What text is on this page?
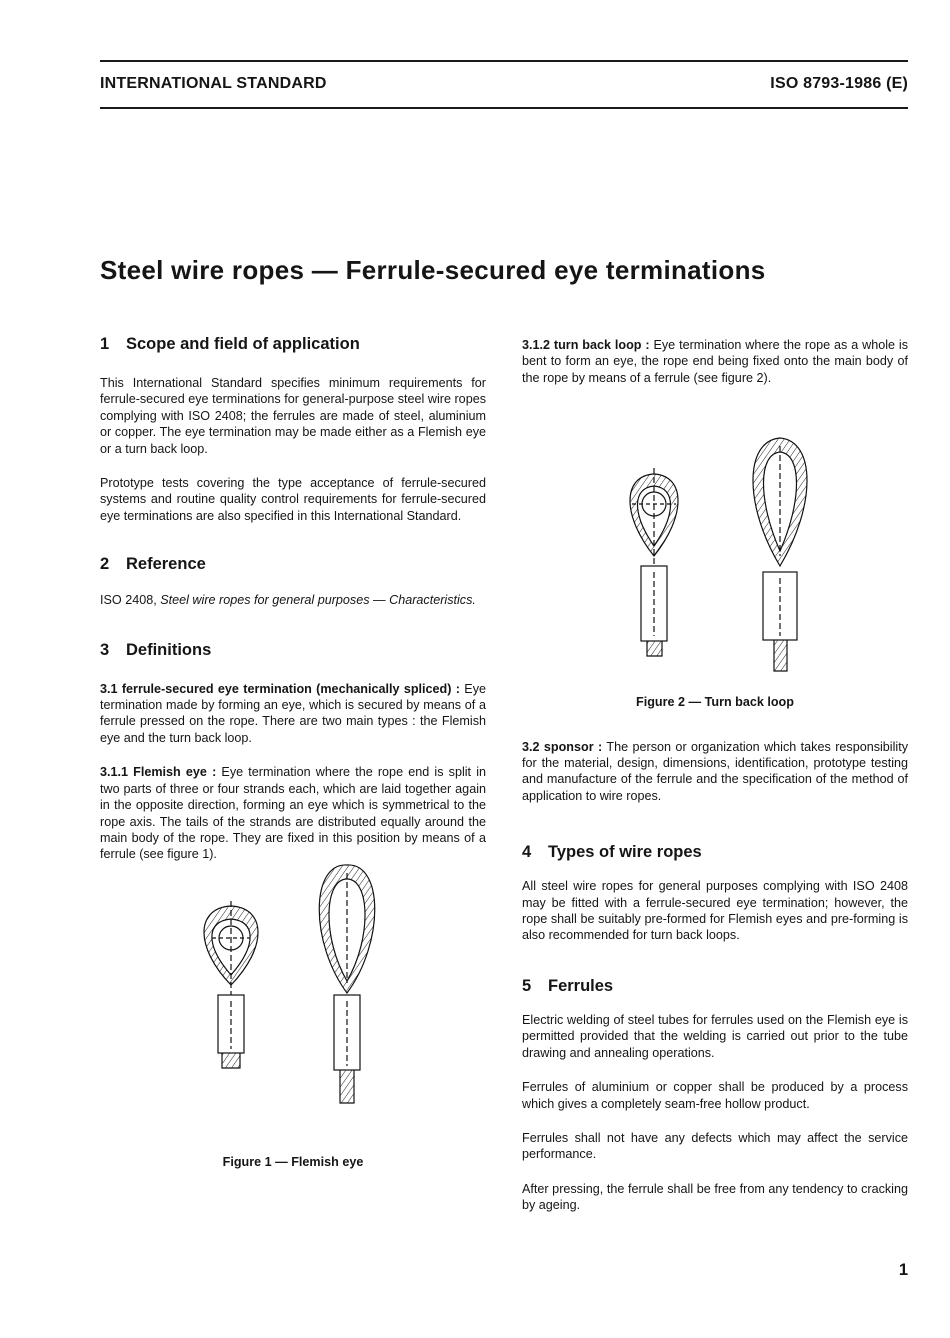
INTERNATIONAL STANDARD	ISO 8793-1986 (E)
Steel wire ropes — Ferrule-secured eye terminations
1 Scope and field of application

This International Standard specifies minimum requirements for ferrule-secured eye terminations for general-purpose steel wire ropes complying with ISO 2408; the ferrules are made of steel, aluminium or copper. The eye termination may be made either as a Flemish eye or a turn back loop.

Prototype tests covering the type acceptance of ferrule-secured systems and routine quality control requirements for ferrule-secured eye terminations are also specified in this International Standard.

2 Reference

ISO 2408, Steel wire ropes for general purposes — Characteristics.

3 Definitions

3.1 ferrule-secured eye termination (mechanically spliced) : Eye termination made by forming an eye, which is secured by means of a ferrule pressed on the rope. There are two main types : the Flemish eye and the turn back loop.

3.1.1 Flemish eye : Eye termination where the rope end is split in two parts of three or four strands each, which are laid together again in the opposite direction, forming an eye which is symmetrical to the rope axis. The tails of the strands are distributed equally around the main body of the rope. They are fixed in this position by means of a ferrule (see figure 1).

Figure 1 — Flemish eye

3.1.2 turn back loop : Eye termination where the rope as a whole is bent to form an eye, the rope end being fixed onto the main body of the rope by means of a ferrule (see figure 2).

Figure 2 — Turn back loop

3.2 sponsor : The person or organization which takes responsibility for the material, design, dimensions, identification, prototype testing and manufacture of the ferrule and the specification of the method of application to wire ropes.

4 Types of wire ropes

All steel wire ropes for general purposes complying with ISO 2408 may be fitted with a ferrule-secured eye termination; however, the rope shall be suitably pre-formed for Flemish eyes and pre-forming is also recommended for turn back loops.

5 Ferrules

Electric welding of steel tubes for ferrules used on the Flemish eye is permitted provided that the welding is carried out prior to the tube drawing and annealing operations.

Ferrules of aluminium or copper shall be produced by a process which gives a completely seam-free hollow product.

Ferrules shall not have any defects which may affect the service performance.

After pressing, the ferrule shall be free from any tendency to cracking by ageing.

1
